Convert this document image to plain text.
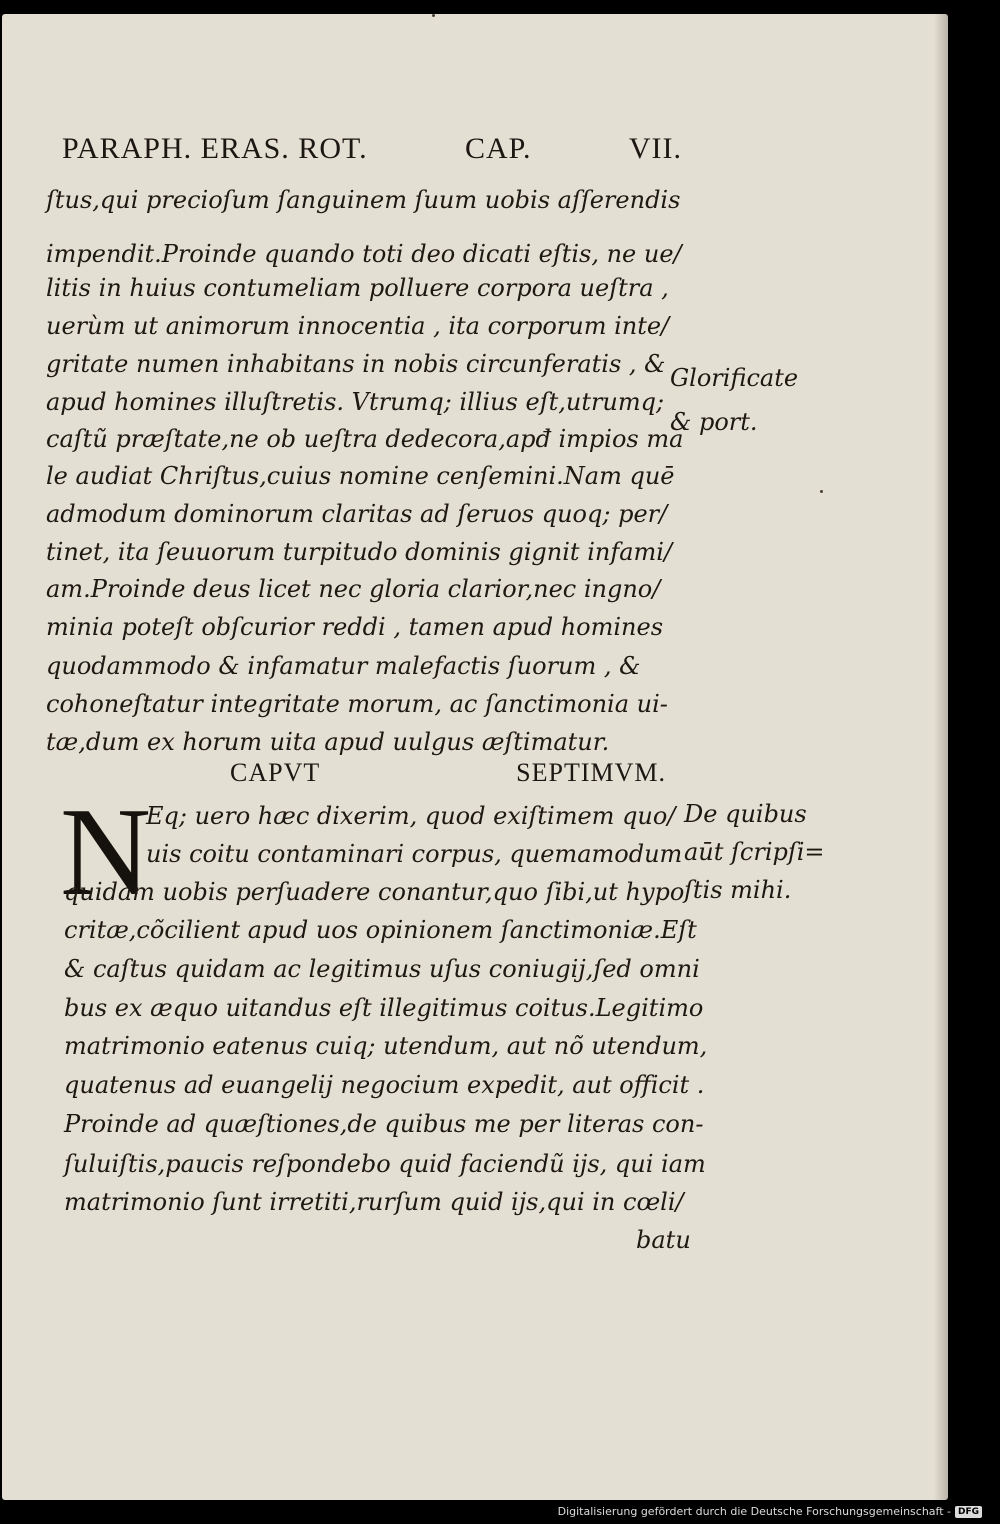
PARAPH. ERAS. ROT.	CAP.	VII.

ſtus,qui precioſum ſanguinem ſuum uobis aſſerendis

impendit.Proinde quando toti deo dicati eſtis, ne ue/

litis in huius contumeliam polluere corpora ueſtra ,

uerùm ut animorum innocentia , ita corporum inte/

gritate numen inhabitans in nobis circunferatis , &

apud homines illuſtretis. Vtrumq; illius eſt,utrumq;

caſtũ præſtate,ne ob ueſtra dedecora,apđ impios ma

le audiat Chriſtus,cuius nomine cenſemini.Nam quē

admodum dominorum claritas ad ſeruos quoq; per/

tinet, ita ſeuuorum turpitudo dominis gignit infami/

am.Proinde deus licet nec gloria clarior,nec ingno/

minia poteſt obſcurior reddi , tamen apud homines

quodammodo & infamatur malefactis ſuorum , &

cohoneſtatur integritate morum, ac ſanctimonia ui-

tæ,dum ex horum uita apud uulgus æſtimatur.

CAPVT	SEPTIMVM.
N

Eq; uero hæc dixerim, quod exiſtimem quo/

uis coitu contaminari corpus, quemamodum

quidam uobis perſuadere conantur,quo ſibi,ut hypo

critæ,cõcilient apud uos opinionem ſanctimoniæ.Eſt

& caſtus quidam ac legitimus uſus coniugij,ſed omni

bus ex æquo uitandus eſt illegitimus coitus.Legitimo

matrimonio eatenus cuiq; utendum, aut nõ utendum,

quatenus ad euangelij negocium expedit, aut officit .

Proinde ad quæſtiones,de quibus me per literas con-

ſuluiſtis,paucis reſpondebo quid faciendũ ijs, qui iam

matrimonio ſunt irretiti,rurſum quid ijs,qui in cœli/

batu

Glorificate

& port.

De quibus

aūt ſcripſi=

ſtis mihi.

Digitalisierung gefördert durch die Deutsche Forschungsgemeinschaft - DFG
